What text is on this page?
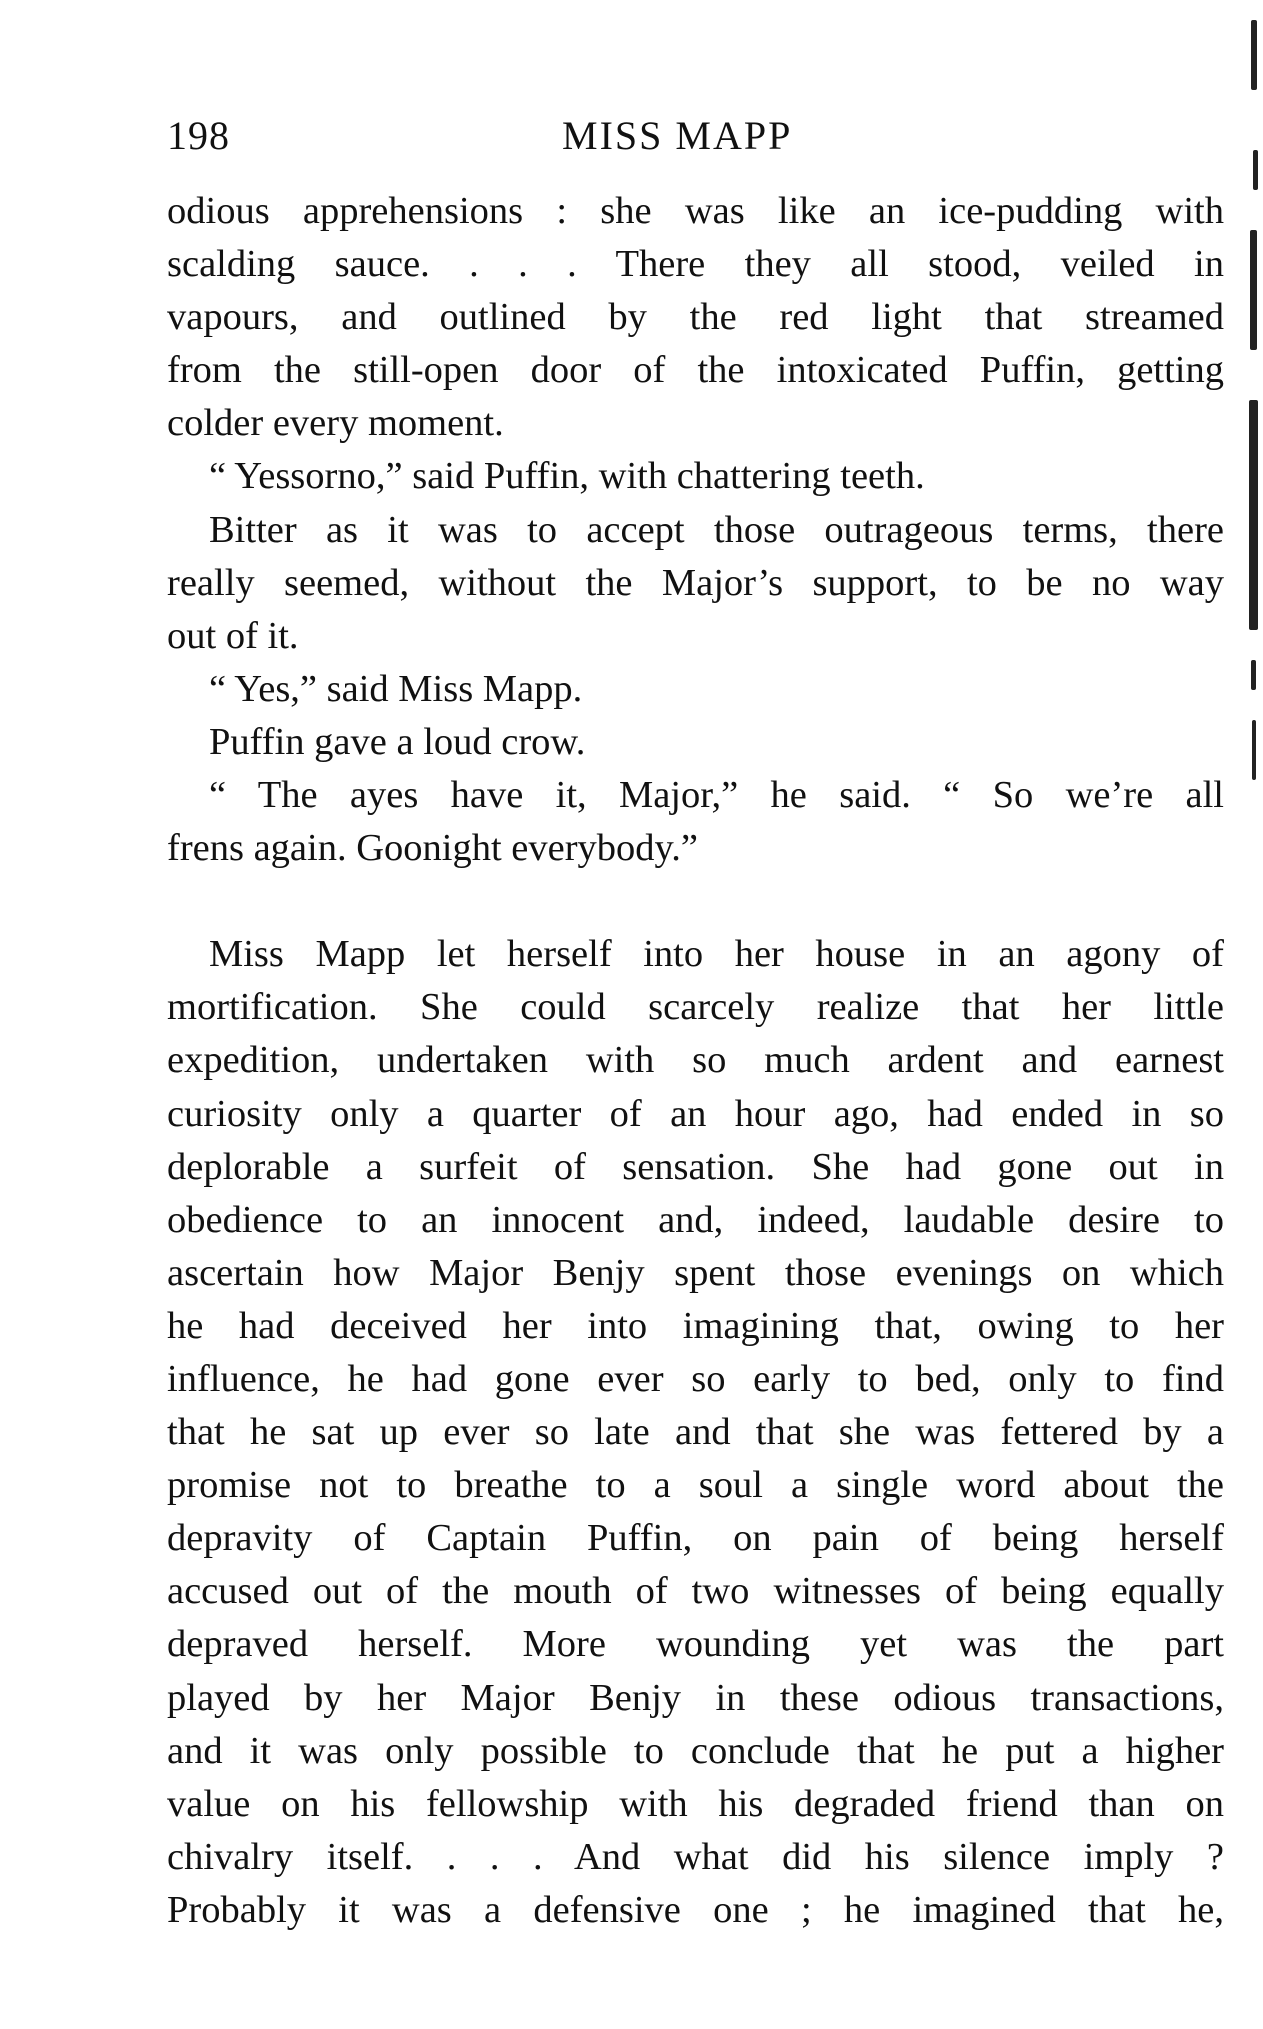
198	MISS MAPP
odious apprehensions : she was like an ice-pudding with
scalding sauce. . . . There they all stood, veiled in
vapours, and outlined by the red light that streamed
from the still-open door of the intoxicated Puffin, getting
colder every moment.
“ Yessorno,” said Puffin, with chattering teeth.
Bitter as it was to accept those outrageous terms, there
really seemed, without the Major’s support, to be no way
out of it.
“ Yes,” said Miss Mapp.
Puffin gave a loud crow.
“ The ayes have it, Major,” he said. “ So we’re all
frens again. Goonight everybody.”
Miss Mapp let herself into her house in an agony of
mortification. She could scarcely realize that her little
expedition, undertaken with so much ardent and earnest
curiosity only a quarter of an hour ago, had ended in so
deplorable a surfeit of sensation. She had gone out in
obedience to an innocent and, indeed, laudable desire to
ascertain how Major Benjy spent those evenings on which
he had deceived her into imagining that, owing to her
influence, he had gone ever so early to bed, only to find
that he sat up ever so late and that she was fettered by a
promise not to breathe to a soul a single word about the
depravity of Captain Puffin, on pain of being herself
accused out of the mouth of two witnesses of being equally
depraved herself. More wounding yet was the part
played by her Major Benjy in these odious transactions,
and it was only possible to conclude that he put a higher
value on his fellowship with his degraded friend than on
chivalry itself. . . . And what did his silence imply ?
Probably it was a defensive one ; he imagined that he,
